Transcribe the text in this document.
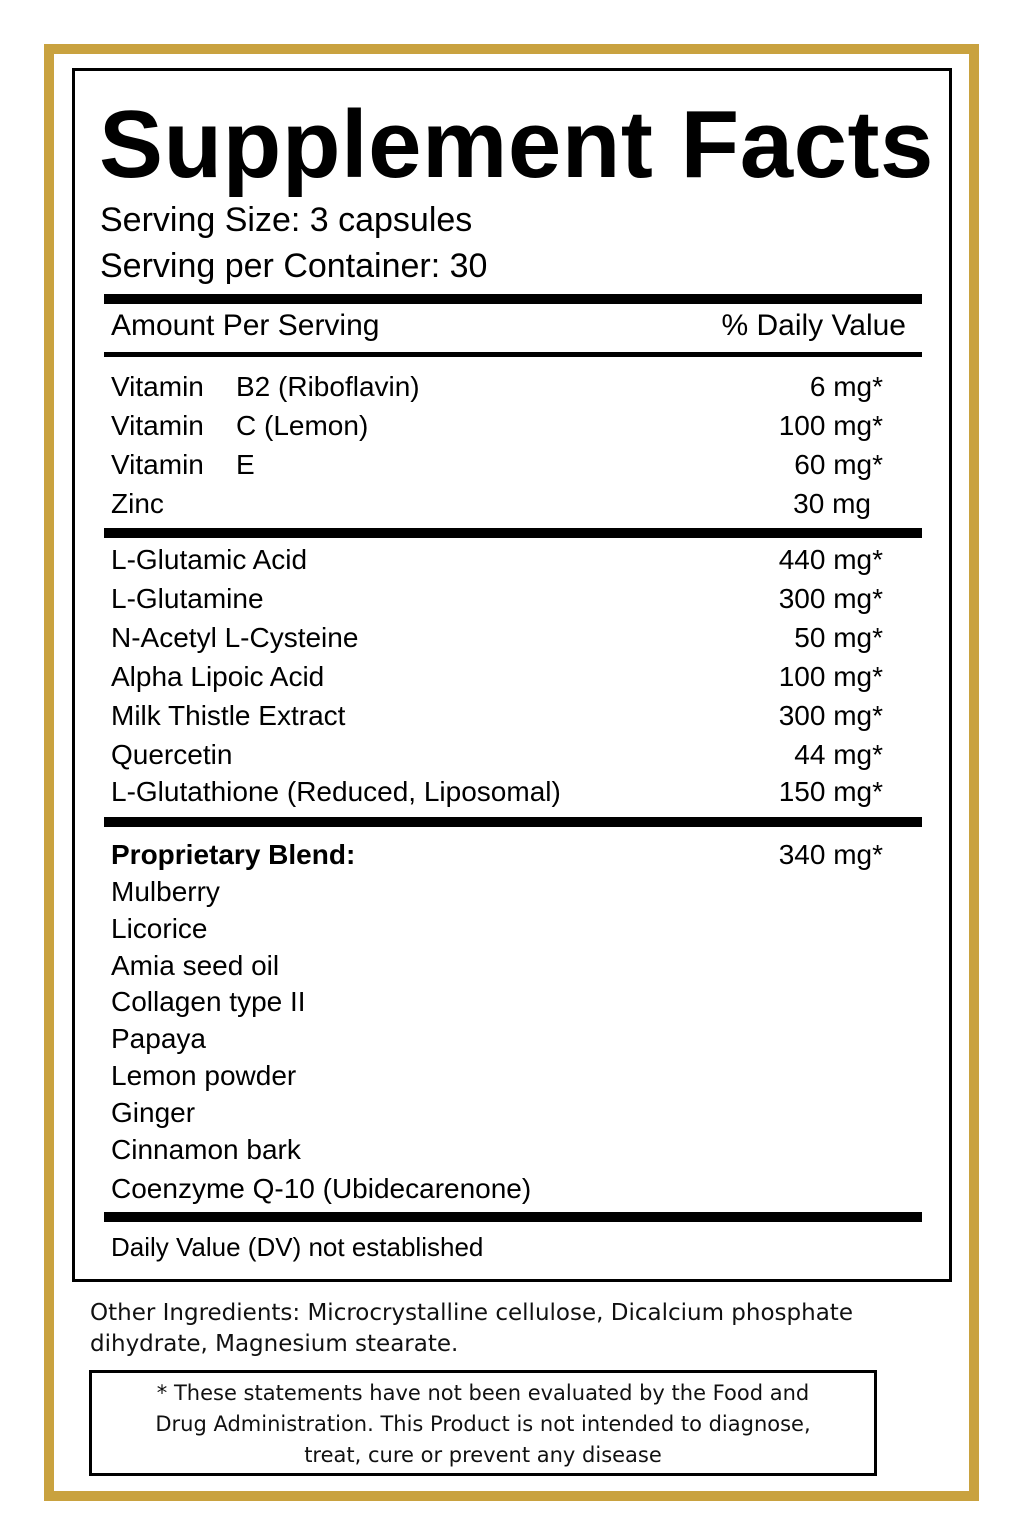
Supplement Facts
Serving Size: 3 capsules
Serving per Container: 30
Amount Per Serving	% Daily Value
Vitamin B2 (Riboflavin)	6 mg*
Vitamin C (Lemon)	100 mg*
Vitamin E	60 mg*
Zinc	30 mg
L-Glutamic Acid	440 mg*
L-Glutamine	300 mg*
N-Acetyl L-Cysteine	50 mg*
Alpha Lipoic Acid	100 mg*
Milk Thistle Extract	300 mg*
Quercetin	44 mg*
L-Glutathione (Reduced, Liposomal)	150 mg*
Proprietary Blend:	340 mg*
Mulberry
Licorice
Amia seed oil
Collagen type II
Papaya
Lemon powder
Ginger
Cinnamon bark
Coenzyme Q-10 (Ubidecarenone)
Daily Value (DV) not established
Other Ingredients: Microcrystalline cellulose, Dicalcium phosphate
dihydrate, Magnesium stearate.
* These statements have not been evaluated by the Food and
Drug Administration. This Product is not intended to diagnose,
treat, cure or prevent any disease
